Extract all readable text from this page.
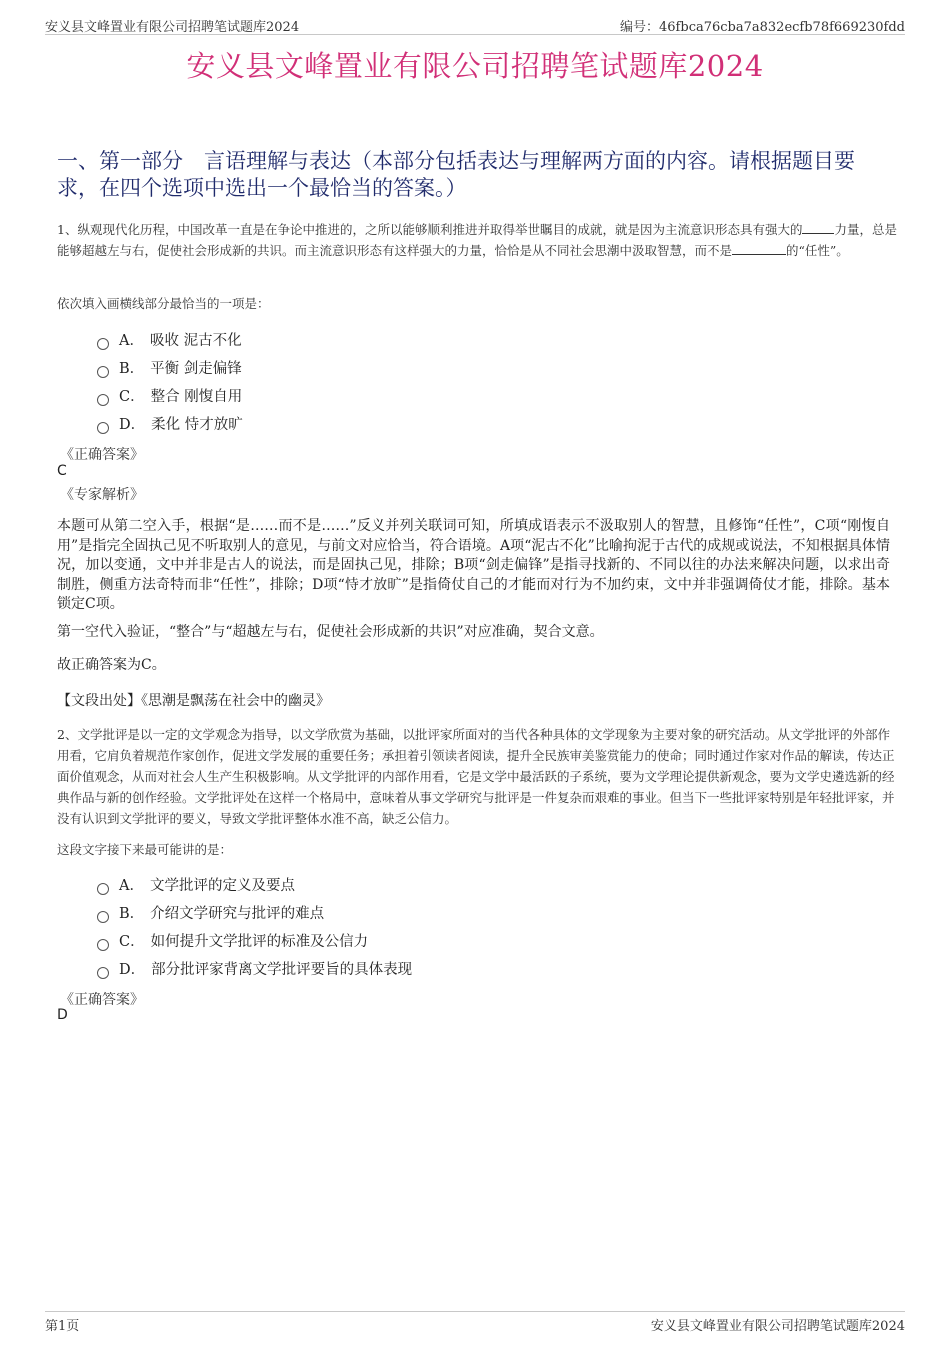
安义县文峰置业有限公司招聘笔试题库2024	编号：46fbca76cba7a832ecfb78f669230fdd
安义县文峰置业有限公司招聘笔试题库2024
一、第一部分　言语理解与表达（本部分包括表达与理解两方面的内容。请根据题目要求，在四个选项中选出一个最恰当的答案。）
1、纵观现代化历程，中国改革一直是在争论中推进的，之所以能够顺利推进并取得举世瞩目的成就，就是因为主流意识形态具有强大的	力量，总是能够超越左与右，促使社会形成新的共识。而主流意识形态有这样强大的力量，恰恰是从不同社会思潮中汲取智慧，而不是	的“任性”。
依次填入画横线部分最恰当的一项是：
A． 吸收 泥古不化
B． 平衡 剑走偏锋
C． 整合 刚愎自用
D． 柔化 恃才放旷
《正确答案》
C
《专家解析》
本题可从第二空入手，根据“是……而不是……”反义并列关联词可知，所填成语表示不汲取别人的智慧，且修饰“任性”，C项“刚愎自用”是指完全固执己见不听取别人的意见，与前文对应恰当，符合语境。A项“泥古不化”比喻拘泥于古代的成规或说法，不知根据具体情况，加以变通，文中并非是古人的说法，而是固执己见，排除；B项“剑走偏锋”是指寻找新的、不同以往的办法来解决问题，以求出奇制胜，侧重方法奇特而非“任性”，排除；D项“恃才放旷”是指倚仗自己的才能而对行为不加约束，文中并非强调倚仗才能，排除。基本锁定C项。
第一空代入验证，“整合”与“超越左与右，促使社会形成新的共识”对应准确，契合文意。
故正确答案为C。
【文段出处】《思潮是飘荡在社会中的幽灵》
2、文学批评是以一定的文学观念为指导，以文学欣赏为基础，以批评家所面对的当代各种具体的文学现象为主要对象的研究活动。从文学批评的外部作用看，它肩负着规范作家创作，促进文学发展的重要任务；承担着引领读者阅读，提升全民族审美鉴赏能力的使命；同时通过作家对作品的解读，传达正面价值观念，从而对社会人生产生积极影响。从文学批评的内部作用看，它是文学中最活跃的子系统，要为文学理论提供新观念，要为文学史遴选新的经典作品与新的创作经验。文学批评处在这样一个格局中，意味着从事文学研究与批评是一件复杂而艰难的事业。但当下一些批评家特别是年轻批评家，并没有认识到文学批评的要义，导致文学批评整体水准不高，缺乏公信力。
这段文字接下来最可能讲的是：
A． 文学批评的定义及要点
B． 介绍文学研究与批评的难点
C． 如何提升文学批评的标准及公信力
D． 部分批评家背离文学批评要旨的具体表现
《正确答案》
D
第1页	安义县文峰置业有限公司招聘笔试题库2024
